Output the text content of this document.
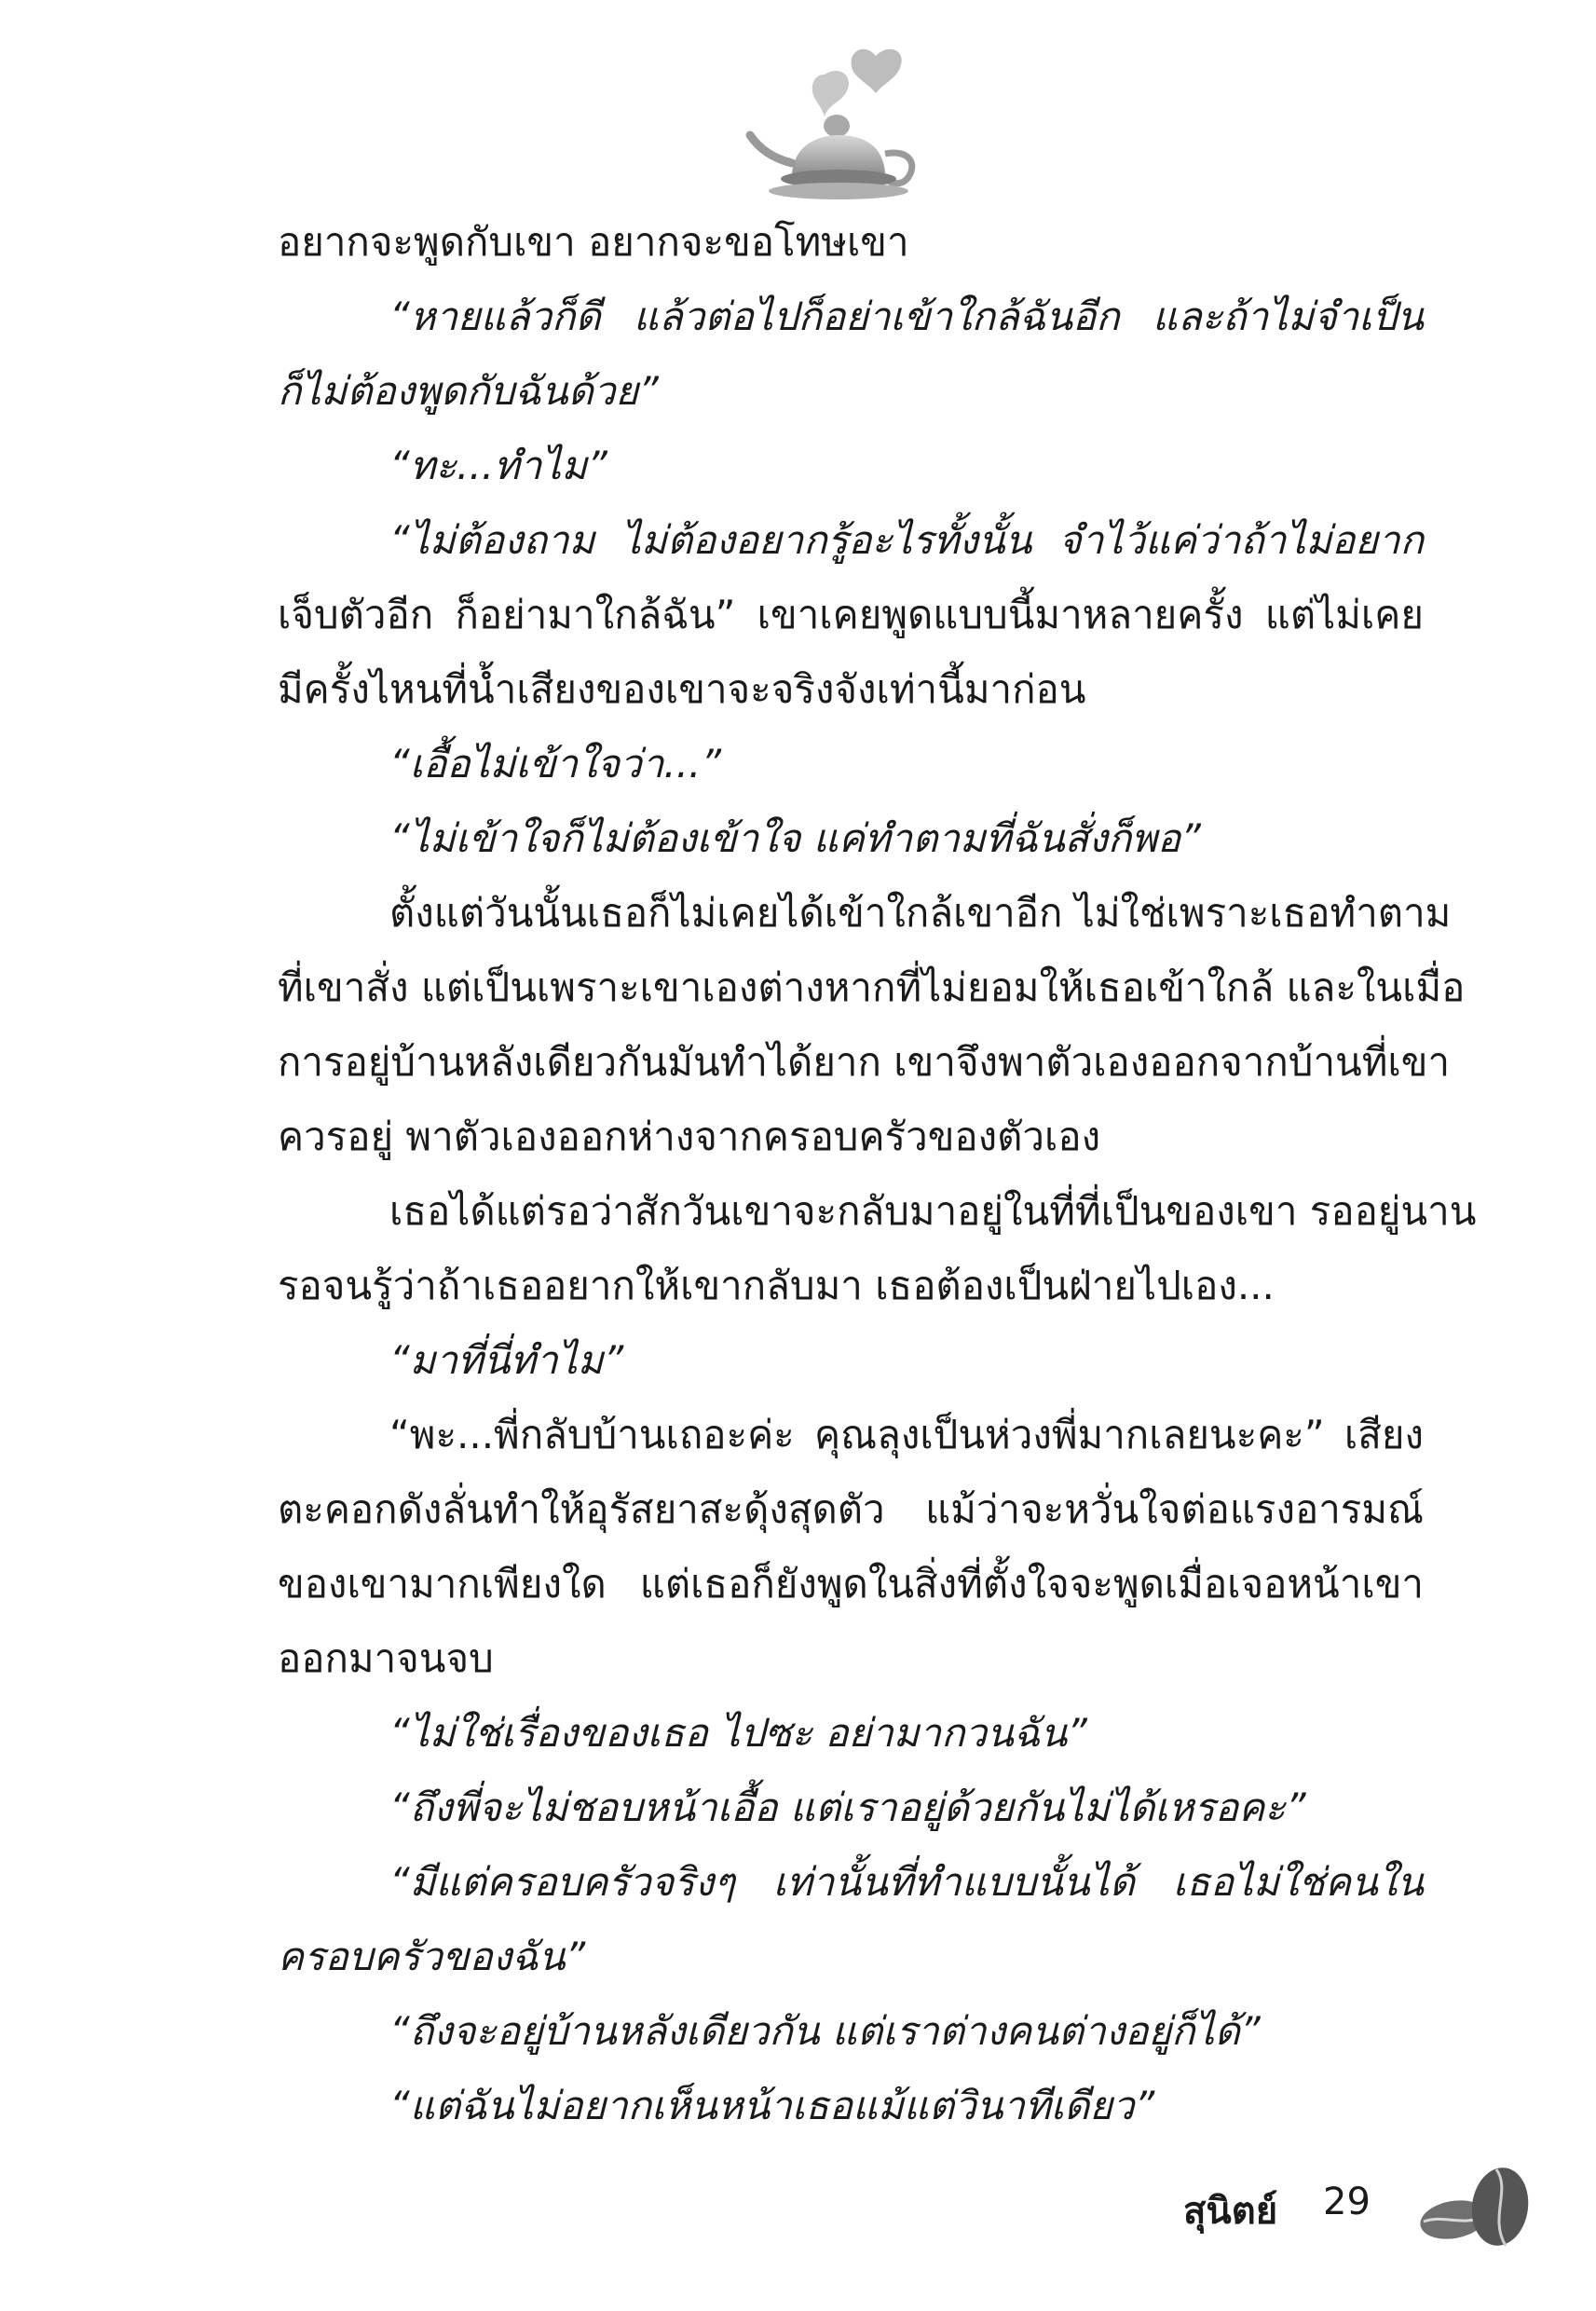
อยากจะพูดกับเขา อยากจะขอโทษเขา
“หายแล้วก็ดี แล้วต่อไปก็อย่าเข้าใกล้ฉันอีก และถ้าไม่จำเป็น
ก็ไม่ต้องพูดกับฉันด้วย”
“ทะ...ทำไม”
“ไม่ต้องถาม ไม่ต้องอยากรู้อะไรทั้งนั้น จำไว้แค่ว่าถ้าไม่อยาก
เจ็บตัวอีก ก็อย่ามาใกล้ฉัน” เขาเคยพูดแบบนี้มาหลายครั้ง แต่ไม่เคย
มีครั้งไหนที่น้ำเสียงของเขาจะจริงจังเท่านี้มาก่อน
“เอื้อไม่เข้าใจว่า...”
“ไม่เข้าใจก็ไม่ต้องเข้าใจ แค่ทำตามที่ฉันสั่งก็พอ”
ตั้งแต่วันนั้นเธอก็ไม่เคยได้เข้าใกล้เขาอีก ไม่ใช่เพราะเธอทำตาม
ที่เขาสั่ง แต่เป็นเพราะเขาเองต่างหากที่ไม่ยอมให้เธอเข้าใกล้ และในเมื่อ
การอยู่บ้านหลังเดียวกันมันทำได้ยาก เขาจึงพาตัวเองออกจากบ้านที่เขา
ควรอยู่ พาตัวเองออกห่างจากครอบครัวของตัวเอง
เธอได้แต่รอว่าสักวันเขาจะกลับมาอยู่ในที่ที่เป็นของเขา รออยู่นาน
รอจนรู้ว่าถ้าเธออยากให้เขากลับมา เธอต้องเป็นฝ่ายไปเอง...
“มาที่นี่ทำไม”
“พะ...พี่กลับบ้านเถอะค่ะ คุณลุงเป็นห่วงพี่มากเลยนะคะ” เสียง
ตะคอกดังลั่นทำให้อุรัสยาสะดุ้งสุดตัว แม้ว่าจะหวั่นใจต่อแรงอารมณ์
ของเขามากเพียงใด แต่เธอก็ยังพูดในสิ่งที่ตั้งใจจะพูดเมื่อเจอหน้าเขา
ออกมาจนจบ
“ไม่ใช่เรื่องของเธอ ไปซะ อย่ามากวนฉัน”
“ถึงพี่จะไม่ชอบหน้าเอื้อ แต่เราอยู่ด้วยกันไม่ได้เหรอคะ”
“มีแต่ครอบครัวจริงๆ เท่านั้นที่ทำแบบนั้นได้ เธอไม่ใช่คนใน
ครอบครัวของฉัน”
“ถึงจะอยู่บ้านหลังเดียวกัน แต่เราต่างคนต่างอยู่ก็ได้”
“แต่ฉันไม่อยากเห็นหน้าเธอแม้แต่วินาทีเดียว”
สุนิตย์ 29
